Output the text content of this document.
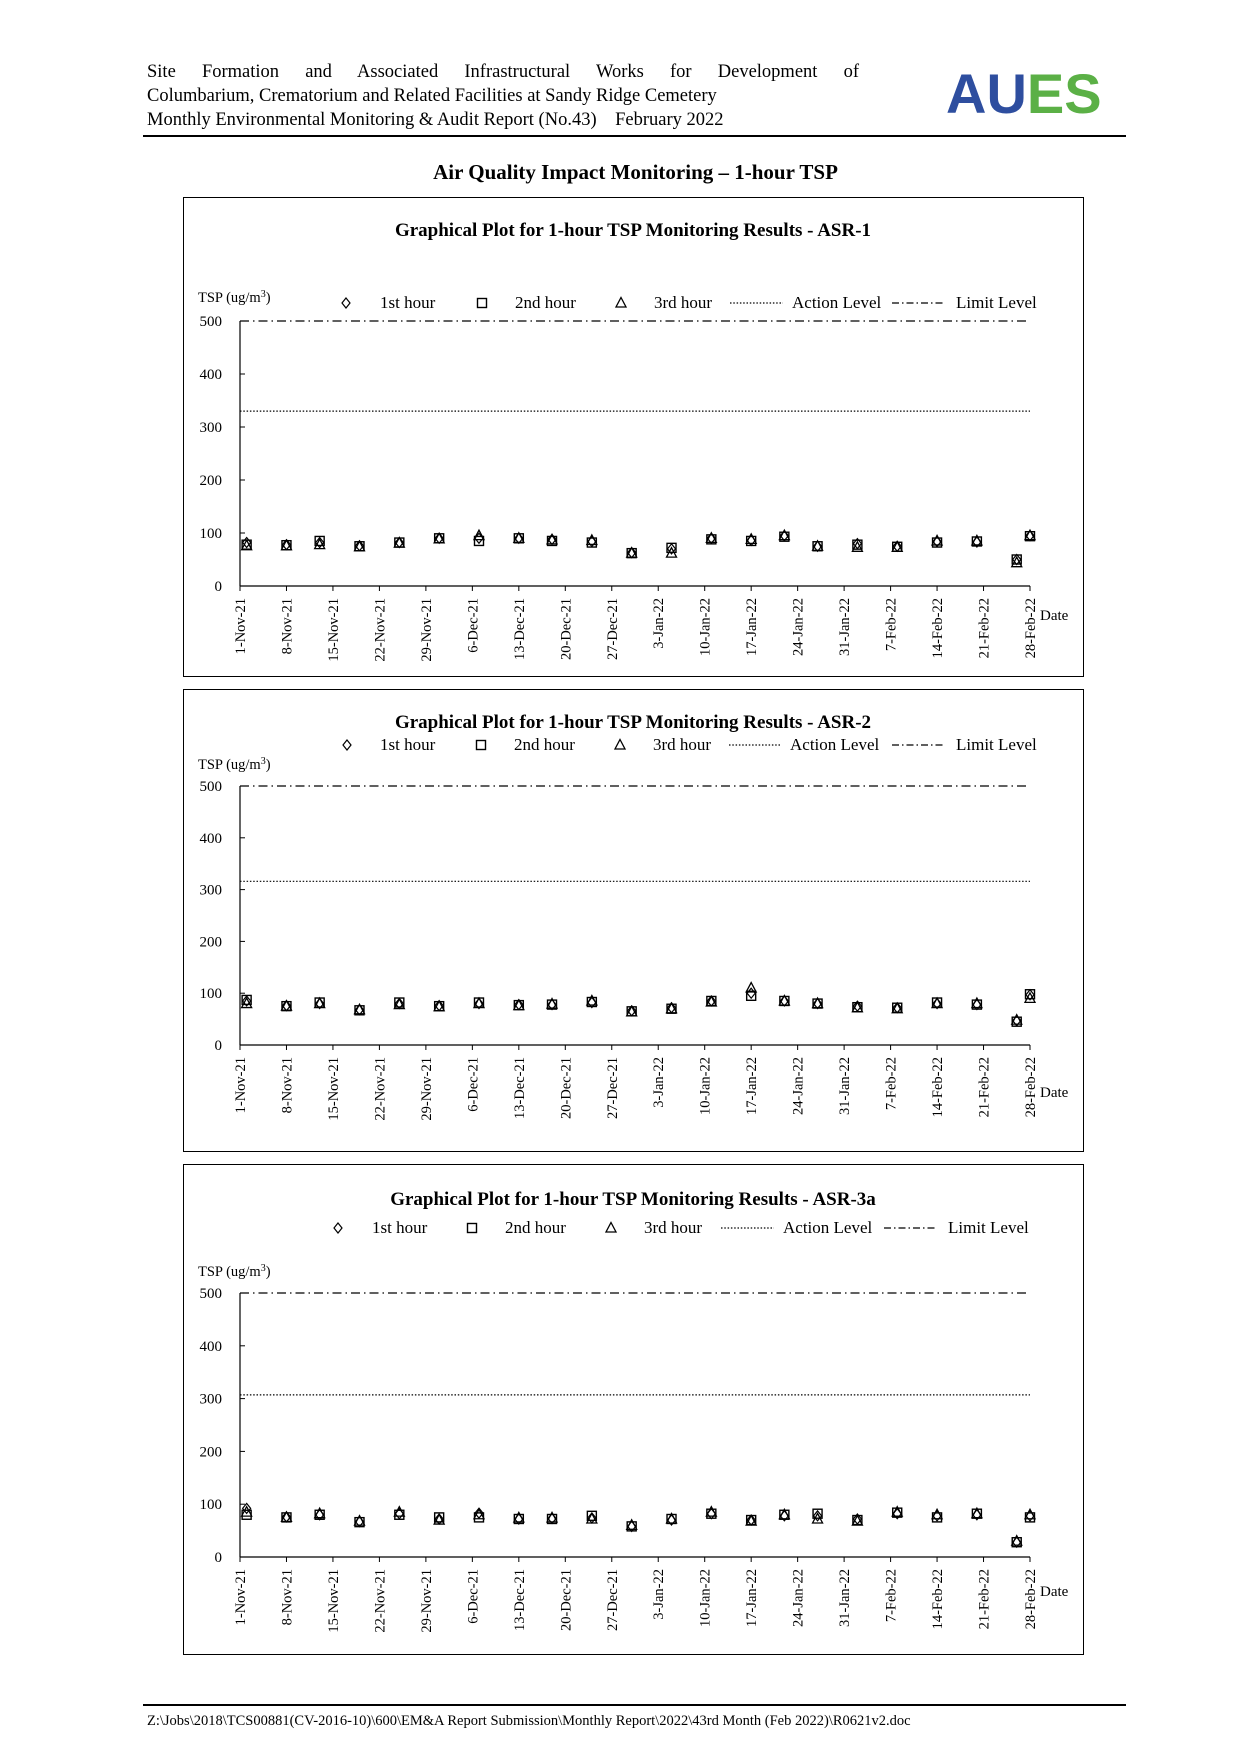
Site Formation and Associated Infrastructural Works for Development of
Columbarium, Crematorium and Related Facilities at Sandy Ridge Cemetery
Monthly Environmental Monitoring & Audit Report (No.43)    February 2022	AUES
Air Quality Impact Monitoring – 1-hour TSP
Graphical Plot for 1-hour TSP Monitoring Results - ASR-1
1st hour	2nd hour	3rd hour	Action Level	Limit Level
TSP $(ug/m^3)$
0
100
200
300
400
500
1-Nov-21 8-Nov-21 15-Nov-21 22-Nov-21 29-Nov-21 6-Dec-21 13-Dec-21 20-Dec-21 27-Dec-21 3-Jan-22 10-Jan-22 17-Jan-22 24-Jan-22 31-Jan-22 7-Feb-22 14-Feb-22 21-Feb-22 28-Feb-22 Date
Graphical Plot for 1-hour TSP Monitoring Results - ASR-2
1st hour	2nd hour	3rd hour	Action Level	Limit Level
TSP $(ug/m^3)$
0
100
200
300
400
500
1-Nov-21 8-Nov-21 15-Nov-21 22-Nov-21 29-Nov-21 6-Dec-21 13-Dec-21 20-Dec-21 27-Dec-21 3-Jan-22 10-Jan-22 17-Jan-22 24-Jan-22 31-Jan-22 7-Feb-22 14-Feb-22 21-Feb-22 28-Feb-22 Date
Graphical Plot for 1-hour TSP Monitoring Results - ASR-3a
1st hour	2nd hour	3rd hour	Action Level	Limit Level
TSP $(ug/m^3)$
0
100
200
300
400
500
1-Nov-21 8-Nov-21 15-Nov-21 22-Nov-21 29-Nov-21 6-Dec-21 13-Dec-21 20-Dec-21 27-Dec-21 3-Jan-22 10-Jan-22 17-Jan-22 24-Jan-22 31-Jan-22 7-Feb-22 14-Feb-22 21-Feb-22 28-Feb-22 Date
Z:\Jobs\2018\TCS00881(CV-2016-10)\600\EM&A Report Submission\Monthly Report\2022\43rd Month (Feb 2022)\R0621v2.doc
